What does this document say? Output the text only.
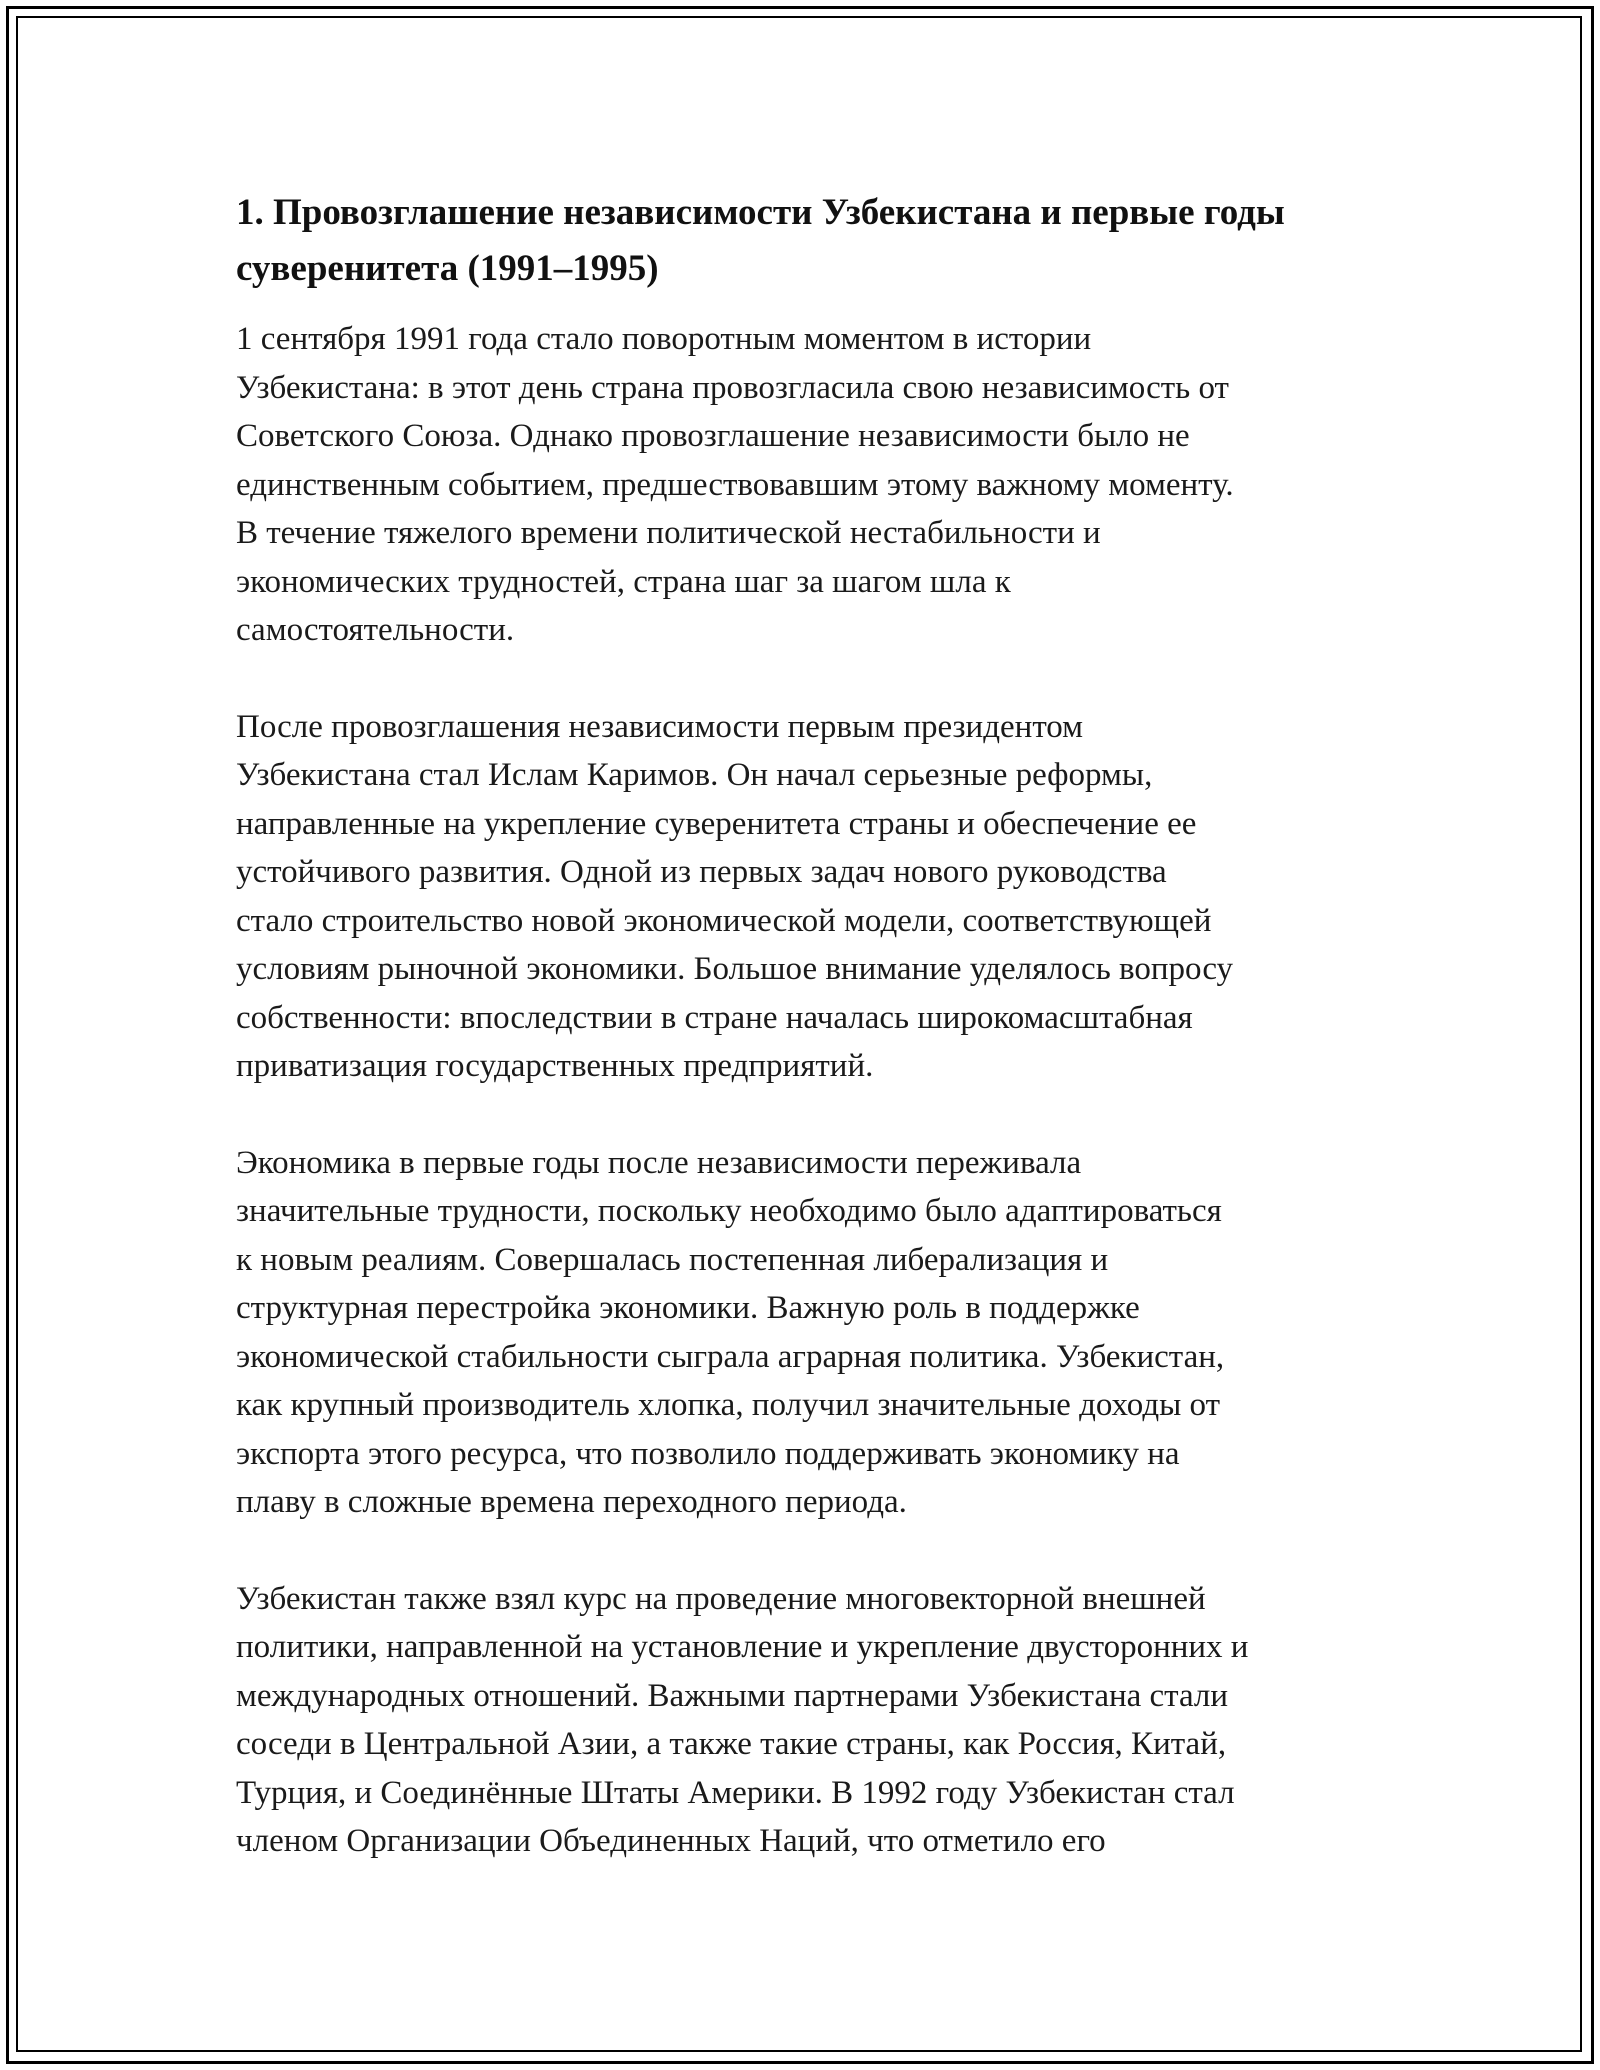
1. Провозглашение независимости Узбекистана и первые годы суверенитета (1991–1995)

1 сентября 1991 года стало поворотным моментом в истории
Узбекистана: в этот день страна провозгласила свою независимость от
Советского Союза. Однако провозглашение независимости было не
единственным событием, предшествовавшим этому важному моменту.
В течение тяжелого времени политической нестабильности и
экономических трудностей, страна шаг за шагом шла к
самостоятельности.

После провозглашения независимости первым президентом
Узбекистана стал Ислам Каримов. Он начал серьезные реформы,
направленные на укрепление суверенитета страны и обеспечение ее
устойчивого развития. Одной из первых задач нового руководства
стало строительство новой экономической модели, соответствующей
условиям рыночной экономики. Большое внимание уделялось вопросу
собственности: впоследствии в стране началась широкомасштабная
приватизация государственных предприятий.

Экономика в первые годы после независимости переживала
значительные трудности, поскольку необходимо было адаптироваться
к новым реалиям. Совершалась постепенная либерализация и
структурная перестройка экономики. Важную роль в поддержке
экономической стабильности сыграла аграрная политика. Узбекистан,
как крупный производитель хлопка, получил значительные доходы от
экспорта этого ресурса, что позволило поддерживать экономику на
плаву в сложные времена переходного периода.

Узбекистан также взял курс на проведение многовекторной внешней
политики, направленной на установление и укрепление двусторонних и
международных отношений. Важными партнерами Узбекистана стали
соседи в Центральной Азии, а также такие страны, как Россия, Китай,
Турция, и Соединённые Штаты Америки. В 1992 году Узбекистан стал
членом Организации Объединенных Наций, что отметило его
